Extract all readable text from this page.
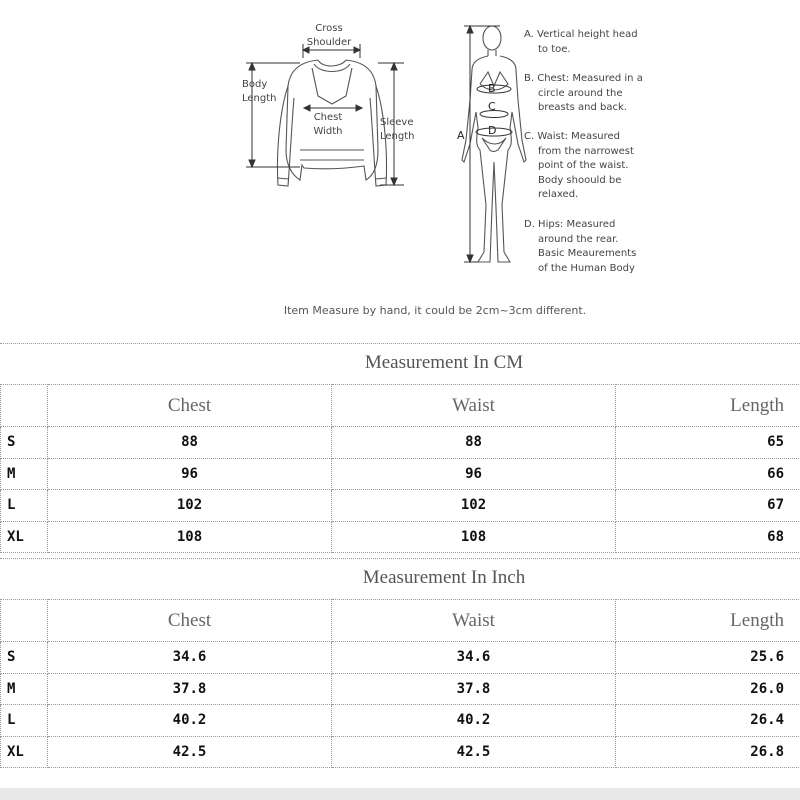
Cross
Shoulder
Body
Length
Chest
Width
Sleeve
Length	A
B
C
D
A. Vertical height head
to toe.
B. Chest: Measured in a
circle around the
breasts and back.
C. Waist: Measured
from the narrowest
point of the waist.
Body shoould be
relaxed.
D. Hips: Measured
around the rear.
Basic Meaurements
of the Human Body
Item Measure by hand, it could be 2cm~3cm different.
Measurement In CM
	Chest	Waist	Length
S	88	88	65
M	96	96	66
L	102	102	67
XL	108	108	68
Measurement In Inch
	Chest	Waist	Length
S	34.6	34.6	25.6
M	37.8	37.8	26.0
L	40.2	40.2	26.4
XL	42.5	42.5	26.8
